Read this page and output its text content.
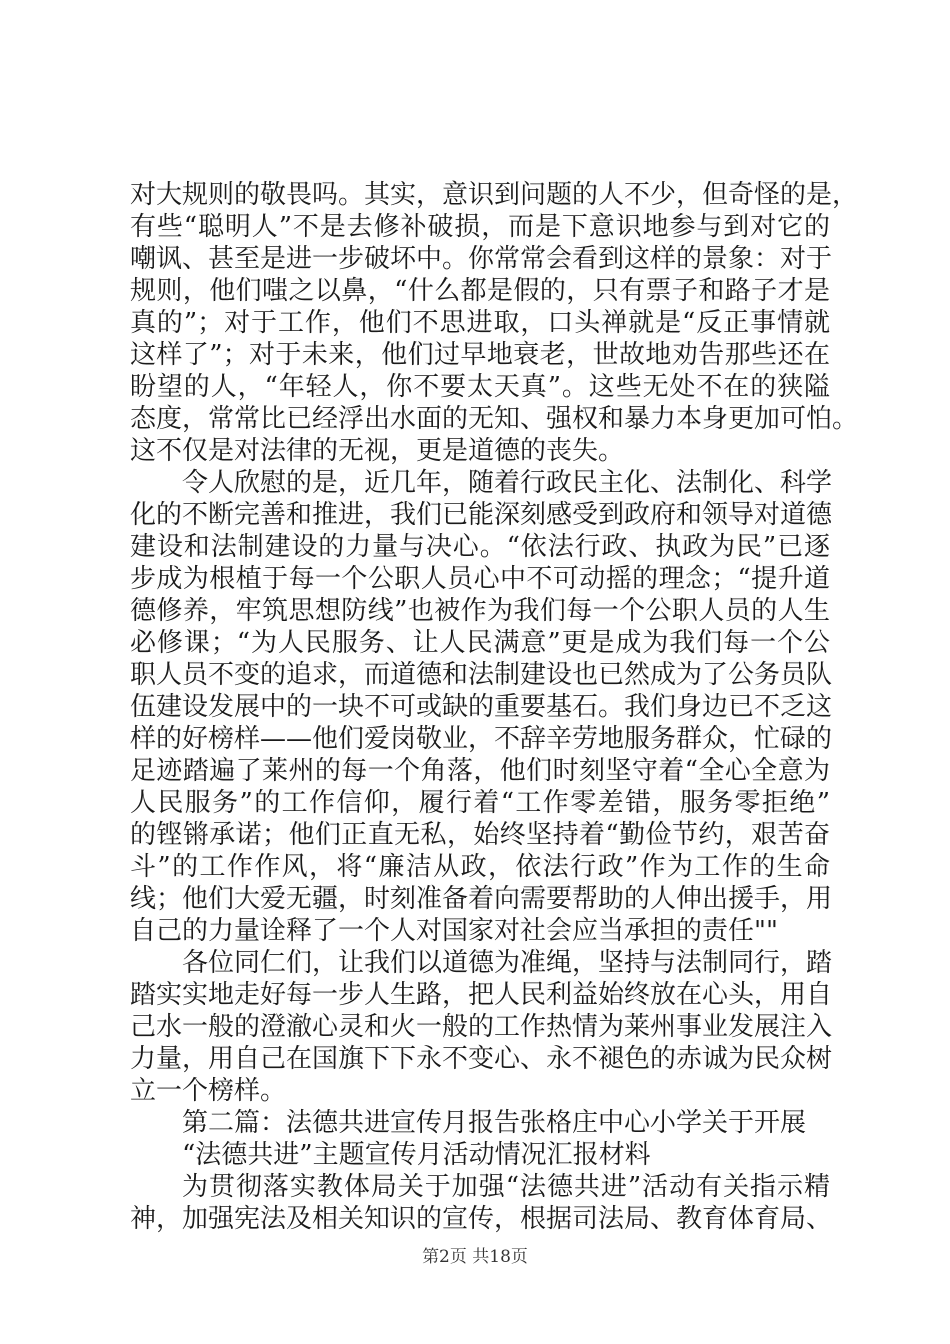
对大规则的敬畏吗。其实，意识到问题的人不少，但奇怪的是，
有些“聪明人”不是去修补破损，而是下意识地参与到对它的
嘲讽、甚至是进一步破坏中。你常常会看到这样的景象：对于
规则，他们嗤之以鼻，“什么都是假的，只有票子和路子才是
真的”；对于工作，他们不思进取，口头禅就是“反正事情就
这样了”；对于未来，他们过早地衰老，世故地劝告那些还在
盼望的人，“年轻人，你不要太天真”。这些无处不在的狭隘
态度，常常比已经浮出水面的无知、强权和暴力本身更加可怕。
这不仅是对法律的无视，更是道德的丧失。
令人欣慰的是，近几年，随着行政民主化、法制化、科学
化的不断完善和推进，我们已能深刻感受到政府和领导对道德
建设和法制建设的力量与决心。“依法行政、执政为民”已逐
步成为根植于每一个公职人员心中不可动摇的理念；“提升道
德修养，牢筑思想防线”也被作为我们每一个公职人员的人生
必修课；“为人民服务、让人民满意”更是成为我们每一个公
职人员不变的追求，而道德和法制建设也已然成为了公务员队
伍建设发展中的一块不可或缺的重要基石。我们身边已不乏这
样的好榜样——他们爱岗敬业，不辞辛劳地服务群众，忙碌的
足迹踏遍了莱州的每一个角落，他们时刻坚守着“全心全意为
人民服务”的工作信仰，履行着“工作零差错，服务零拒绝”
的铿锵承诺；他们正直无私，始终坚持着“勤俭节约，艰苦奋
斗”的工作作风，将“廉洁从政，依法行政”作为工作的生命
线；他们大爱无疆，时刻准备着向需要帮助的人伸出援手，用
自己的力量诠释了一个人对国家对社会应当承担的责任""
各位同仁们，让我们以道德为准绳，坚持与法制同行，踏
踏实实地走好每一步人生路，把人民利益始终放在心头，用自
己水一般的澄澈心灵和火一般的工作热情为莱州事业发展注入
力量，用自己在国旗下下永不变心、永不褪色的赤诚为民众树
立一个榜样。
第二篇：法德共进宣传月报告张格庄中心小学关于开展
“法德共进”主题宣传月活动情况汇报材料
为贯彻落实教体局关于加强“法德共进”活动有关指示精
神，加强宪法及相关知识的宣传，根据司法局、教育体育局、
第2页 共18页
